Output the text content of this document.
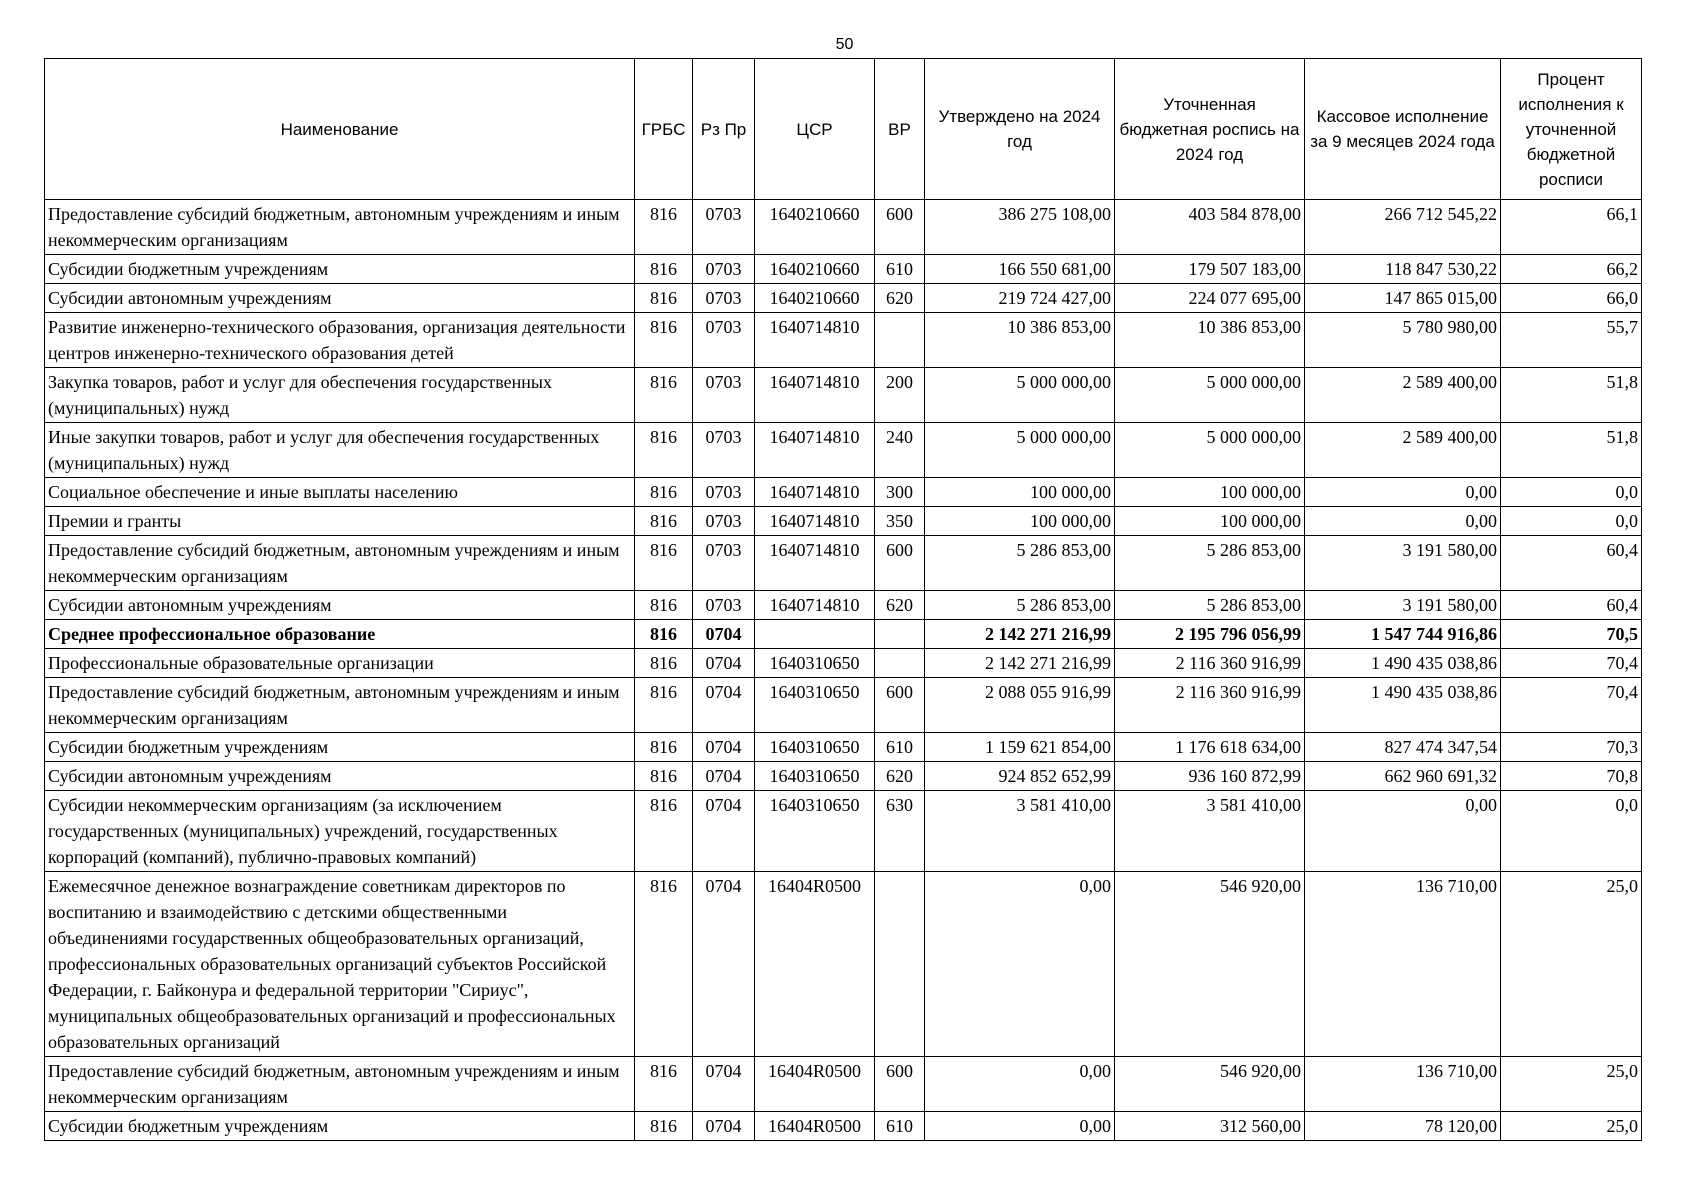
50
Наименование	ГРБС	Рз Пр	ЦСР	ВР	Утверждено на 2024 год	Уточненная бюджетная роспись на 2024 год	Кассовое исполнение за 9 месяцев 2024 года	Процент исполнения к уточненной бюджетной росписи
Предоставление субсидий бюджетным, автономным учреждениям и иным некоммерческим организациям	816	0703	1640210660	600	386 275 108,00	403 584 878,00	266 712 545,22	66,1
Субсидии бюджетным учреждениям	816	0703	1640210660	610	166 550 681,00	179 507 183,00	118 847 530,22	66,2
Субсидии автономным учреждениям	816	0703	1640210660	620	219 724 427,00	224 077 695,00	147 865 015,00	66,0
Развитие инженерно-технического образования, организация деятельности центров инженерно-технического образования детей	816	0703	1640714810		10 386 853,00	10 386 853,00	5 780 980,00	55,7
Закупка товаров, работ и услуг для обеспечения государственных (муниципальных) нужд	816	0703	1640714810	200	5 000 000,00	5 000 000,00	2 589 400,00	51,8
Иные закупки товаров, работ и услуг для обеспечения государственных (муниципальных) нужд	816	0703	1640714810	240	5 000 000,00	5 000 000,00	2 589 400,00	51,8
Социальное обеспечение и иные выплаты населению	816	0703	1640714810	300	100 000,00	100 000,00	0,00	0,0
Премии и гранты	816	0703	1640714810	350	100 000,00	100 000,00	0,00	0,0
Предоставление субсидий бюджетным, автономным учреждениям и иным некоммерческим организациям	816	0703	1640714810	600	5 286 853,00	5 286 853,00	3 191 580,00	60,4
Субсидии автономным учреждениям	816	0703	1640714810	620	5 286 853,00	5 286 853,00	3 191 580,00	60,4
Среднее профессиональное образование	816	0704			2 142 271 216,99	2 195 796 056,99	1 547 744 916,86	70,5
Профессиональные образовательные организации	816	0704	1640310650		2 142 271 216,99	2 116 360 916,99	1 490 435 038,86	70,4
Предоставление субсидий бюджетным, автономным учреждениям и иным некоммерческим организациям	816	0704	1640310650	600	2 088 055 916,99	2 116 360 916,99	1 490 435 038,86	70,4
Субсидии бюджетным учреждениям	816	0704	1640310650	610	1 159 621 854,00	1 176 618 634,00	827 474 347,54	70,3
Субсидии автономным учреждениям	816	0704	1640310650	620	924 852 652,99	936 160 872,99	662 960 691,32	70,8
Субсидии некоммерческим организациям (за исключением государственных (муниципальных) учреждений, государственных корпораций (компаний), публично-правовых компаний)	816	0704	1640310650	630	3 581 410,00	3 581 410,00	0,00	0,0
Ежемесячное денежное вознаграждение советникам директоров по воспитанию и взаимодействию с детскими общественными объединениями государственных общеобразовательных организаций, профессиональных образовательных организаций субъектов Российской Федерации, г. Байконура и федеральной территории "Сириус", муниципальных общеобразовательных организаций и профессиональных образовательных организаций	816	0704	16404R0500		0,00	546 920,00	136 710,00	25,0
Предоставление субсидий бюджетным, автономным учреждениям и иным некоммерческим организациям	816	0704	16404R0500	600	0,00	546 920,00	136 710,00	25,0
Субсидии бюджетным учреждениям	816	0704	16404R0500	610	0,00	312 560,00	78 120,00	25,0
